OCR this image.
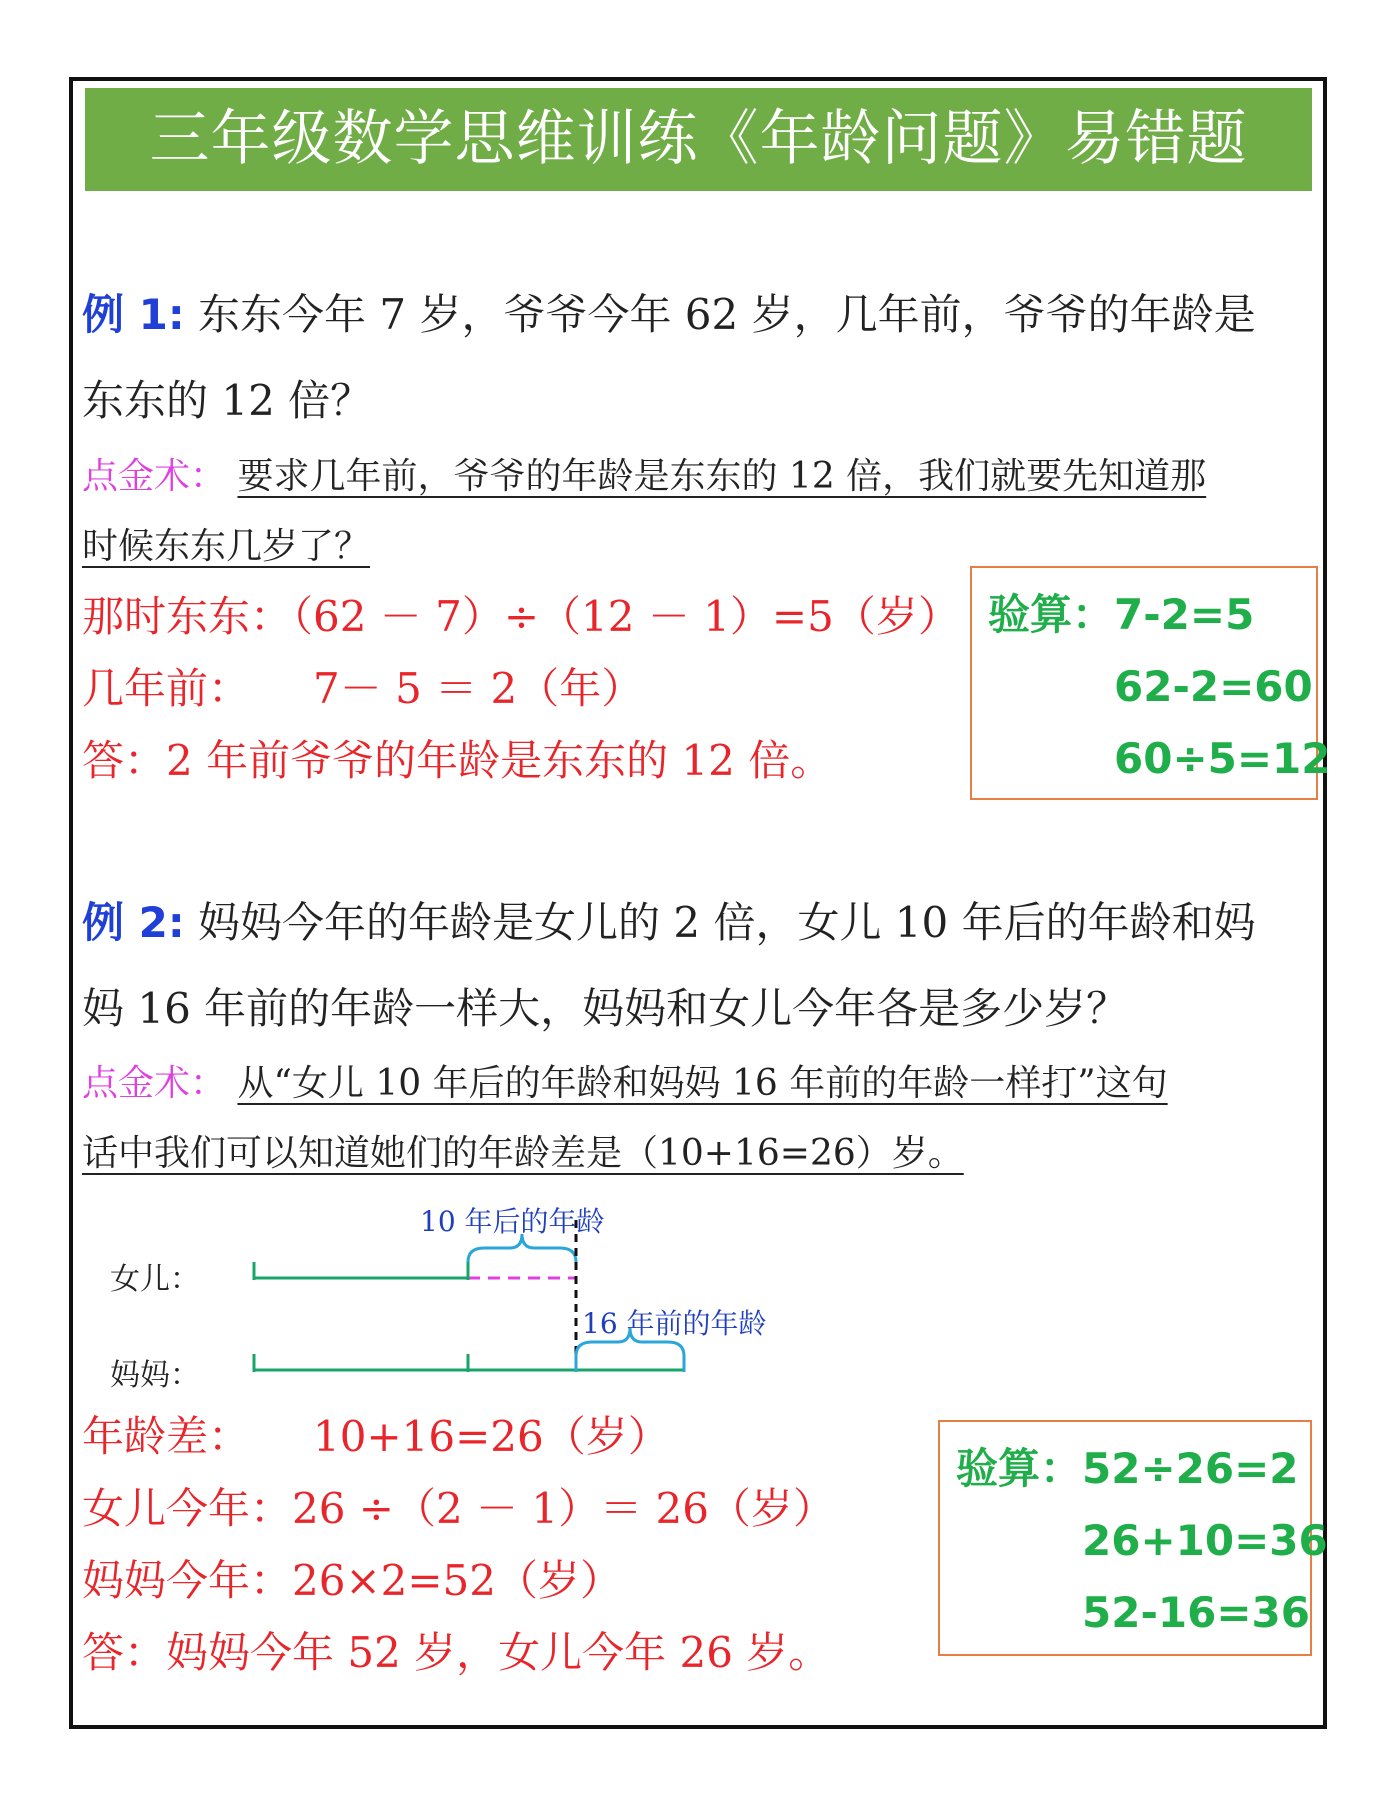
三年级数学思维训练《年龄问题》易错题
例 1: 东东今年 7 岁，爷爷今年 62 岁，几年前，爷爷的年龄是
东东的 12 倍？
点金术： 要求几年前，爷爷的年龄是东东的 12 倍，我们就要先知道那
时候东东几岁了？
那时东东：（62 － 7）÷（12 － 1）=5（岁）
几年前：　　7－ 5 ＝ 2（年）
答：2 年前爷爷的年龄是东东的 12 倍。
验算： 7-2=5
62-2=60
60÷5=12
例 2: 妈妈今年的年龄是女儿的 2 倍，女儿 10 年后的年龄和妈
妈 16 年前的年龄一样大，妈妈和女儿今年各是多少岁？
点金术： 从“女儿 10 年后的年龄和妈妈 16 年前的年龄一样打”这句
话中我们可以知道她们的年龄差是（10+16=26）岁。
女儿：
妈妈：
10 年后的年龄
16 年前的年龄
年龄差：　　10+16=26（岁）
女儿今年：26 ÷（2 － 1）＝ 26（岁）
妈妈今年：26×2=52（岁）
答：妈妈今年 52 岁，女儿今年 26 岁。
验算： 52÷26=2
26+10=36
52-16=36
